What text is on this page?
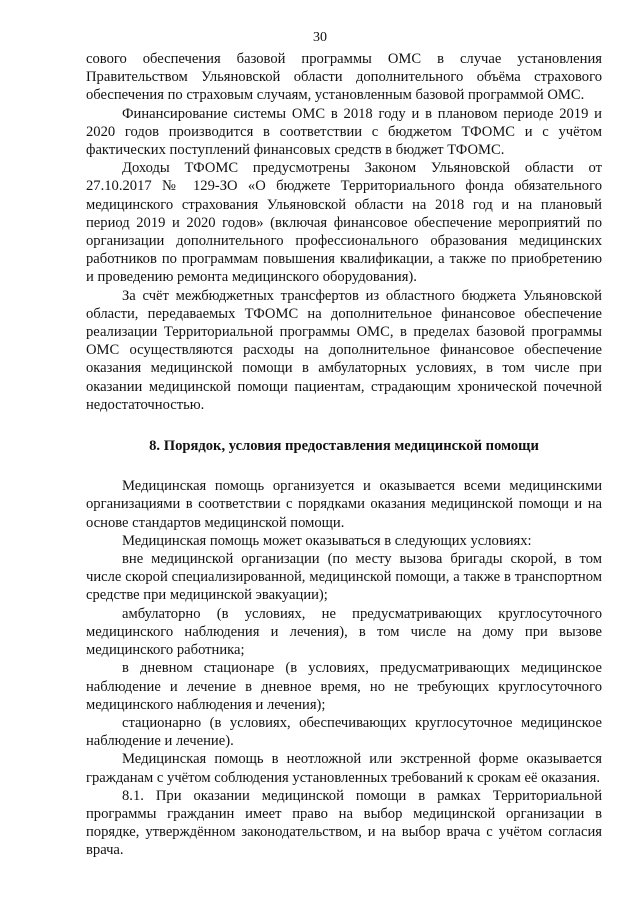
30

сового обеспечения базовой программы ОМС в случае установления Правительством Ульяновской области дополнительного объёма страхового обеспечения по страховым случаям, установленным базовой программой ОМС.

Финансирование системы ОМС в 2018 году и в плановом периоде 2019 и 2020 годов производится в соответствии с бюджетом ТФОМС и с учётом фактических поступлений финансовых средств в бюджет ТФОМС.

Доходы ТФОМС предусмотрены Законом Ульяновской области от 27.10.2017 № 129-ЗО «О бюджете Территориального фонда обязательного медицинского страхования Ульяновской области на 2018 год и на плановый период 2019 и 2020 годов» (включая финансовое обеспечение мероприятий по организации дополнительного профессионального образования медицинских работников по программам повышения квалификации, а также по приобретению и проведению ремонта медицинского оборудования).

За счёт межбюджетных трансфертов из областного бюджета Ульяновской области, передаваемых ТФОМС на дополнительное финансовое обеспечение реализации Территориальной программы ОМС, в пределах базовой программы ОМС осуществляются расходы на дополнительное финансовое обеспечение оказания медицинской помощи в амбулаторных условиях, в том числе при оказании медицинской помощи пациентам, страдающим хронической почечной недостаточностью.

8. Порядок, условия предоставления медицинской помощи

Медицинская помощь организуется и оказывается всеми медицинскими организациями в соответствии с порядками оказания медицинской помощи и на основе стандартов медицинской помощи.

Медицинская помощь может оказываться в следующих условиях:

вне медицинской организации (по месту вызова бригады скорой, в том числе скорой специализированной, медицинской помощи, а также в транспортном средстве при медицинской эвакуации);

амбулаторно (в условиях, не предусматривающих круглосуточного медицинского наблюдения и лечения), в том числе на дому при вызове медицинского работника;

в дневном стационаре (в условиях, предусматривающих медицинское наблюдение и лечение в дневное время, но не требующих круглосуточного медицинского наблюдения и лечения);

стационарно (в условиях, обеспечивающих круглосуточное медицинское наблюдение и лечение).

Медицинская помощь в неотложной или экстренной форме оказывается гражданам с учётом соблюдения установленных требований к срокам её оказания.

8.1. При оказании медицинской помощи в рамках Территориальной программы гражданин имеет право на выбор медицинской организации в порядке, утверждённом законодательством, и на выбор врача с учётом согласия врача.
